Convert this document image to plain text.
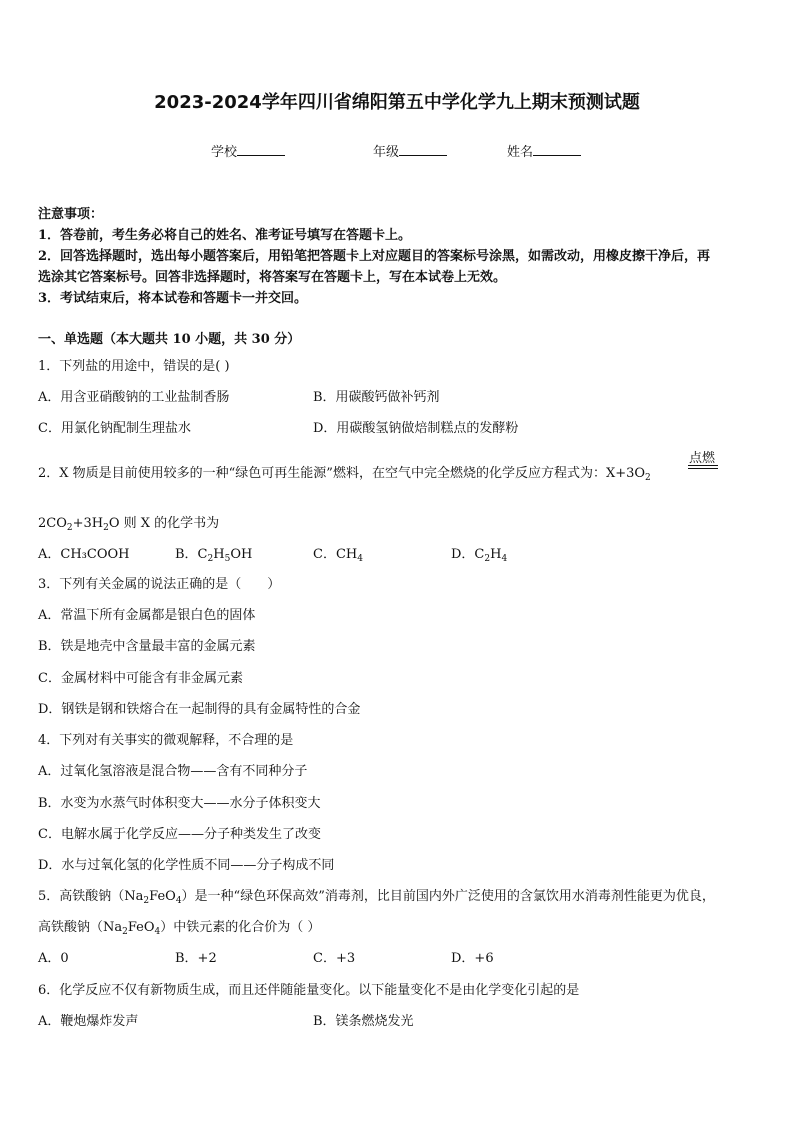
2023-2024学年四川省绵阳第五中学化学九上期末预测试题
学校	年级	姓名
注意事项：
1．答卷前，考生务必将自己的姓名、准考证号填写在答题卡上。
2．回答选择题时，选出每小题答案后，用铅笔把答题卡上对应题目的答案标号涂黑，如需改动，用橡皮擦干净后，再
选涂其它答案标号。回答非选择题时，将答案写在答题卡上，写在本试卷上无效。
3．考试结束后，将本试卷和答题卡一并交回。
一、单选题（本大题共 10 小题，共 30 分）
1．下列盐的用途中，错误的是( )
A．用含亚硝酸钠的工业盐制香肠	B．用碳酸钙做补钙剂
C．用氯化钠配制生理盐水	D．用碳酸氢钠做焙制糕点的发酵粉
点燃
2．X 物质是目前使用较多的一种“绿色可再生能源”燃料，在空气中完全燃烧的化学反应方程式为：$X+3O_2$
$2CO_2+3H_2O$ 则 X 的化学书为
A．CH₃COOH	B．$C_2H_5OH$	C．$CH_4$	D．$C_2H_4$
3．下列有关金属的说法正确的是（　　）
A．常温下所有金属都是银白色的固体
B．铁是地壳中含量最丰富的金属元素
C．金属材料中可能含有非金属元素
D．钢铁是钢和铁熔合在一起制得的具有金属特性的合金
4．下列对有关事实的微观解释，不合理的是
A．过氧化氢溶液是混合物——含有不同种分子
B．水变为水蒸气时体积变大——水分子体积变大
C．电解水属于化学反应——分子种类发生了改变
D．水与过氧化氢的化学性质不同——分子构成不同
5．高铁酸钠$(Na_2FeO_4)$是一种“绿色环保高效”消毒剂，比目前国内外广泛使用的含氯饮用水消毒剂性能更为优良，
高铁酸钠$(Na_2FeO_4)$中铁元素的化合价为（ ）
A．0	B．+2	C．+3	D．+6
6．化学反应不仅有新物质生成，而且还伴随能量变化。以下能量变化不是由化学变化引起的是
A．鞭炮爆炸发声	B．镁条燃烧发光
